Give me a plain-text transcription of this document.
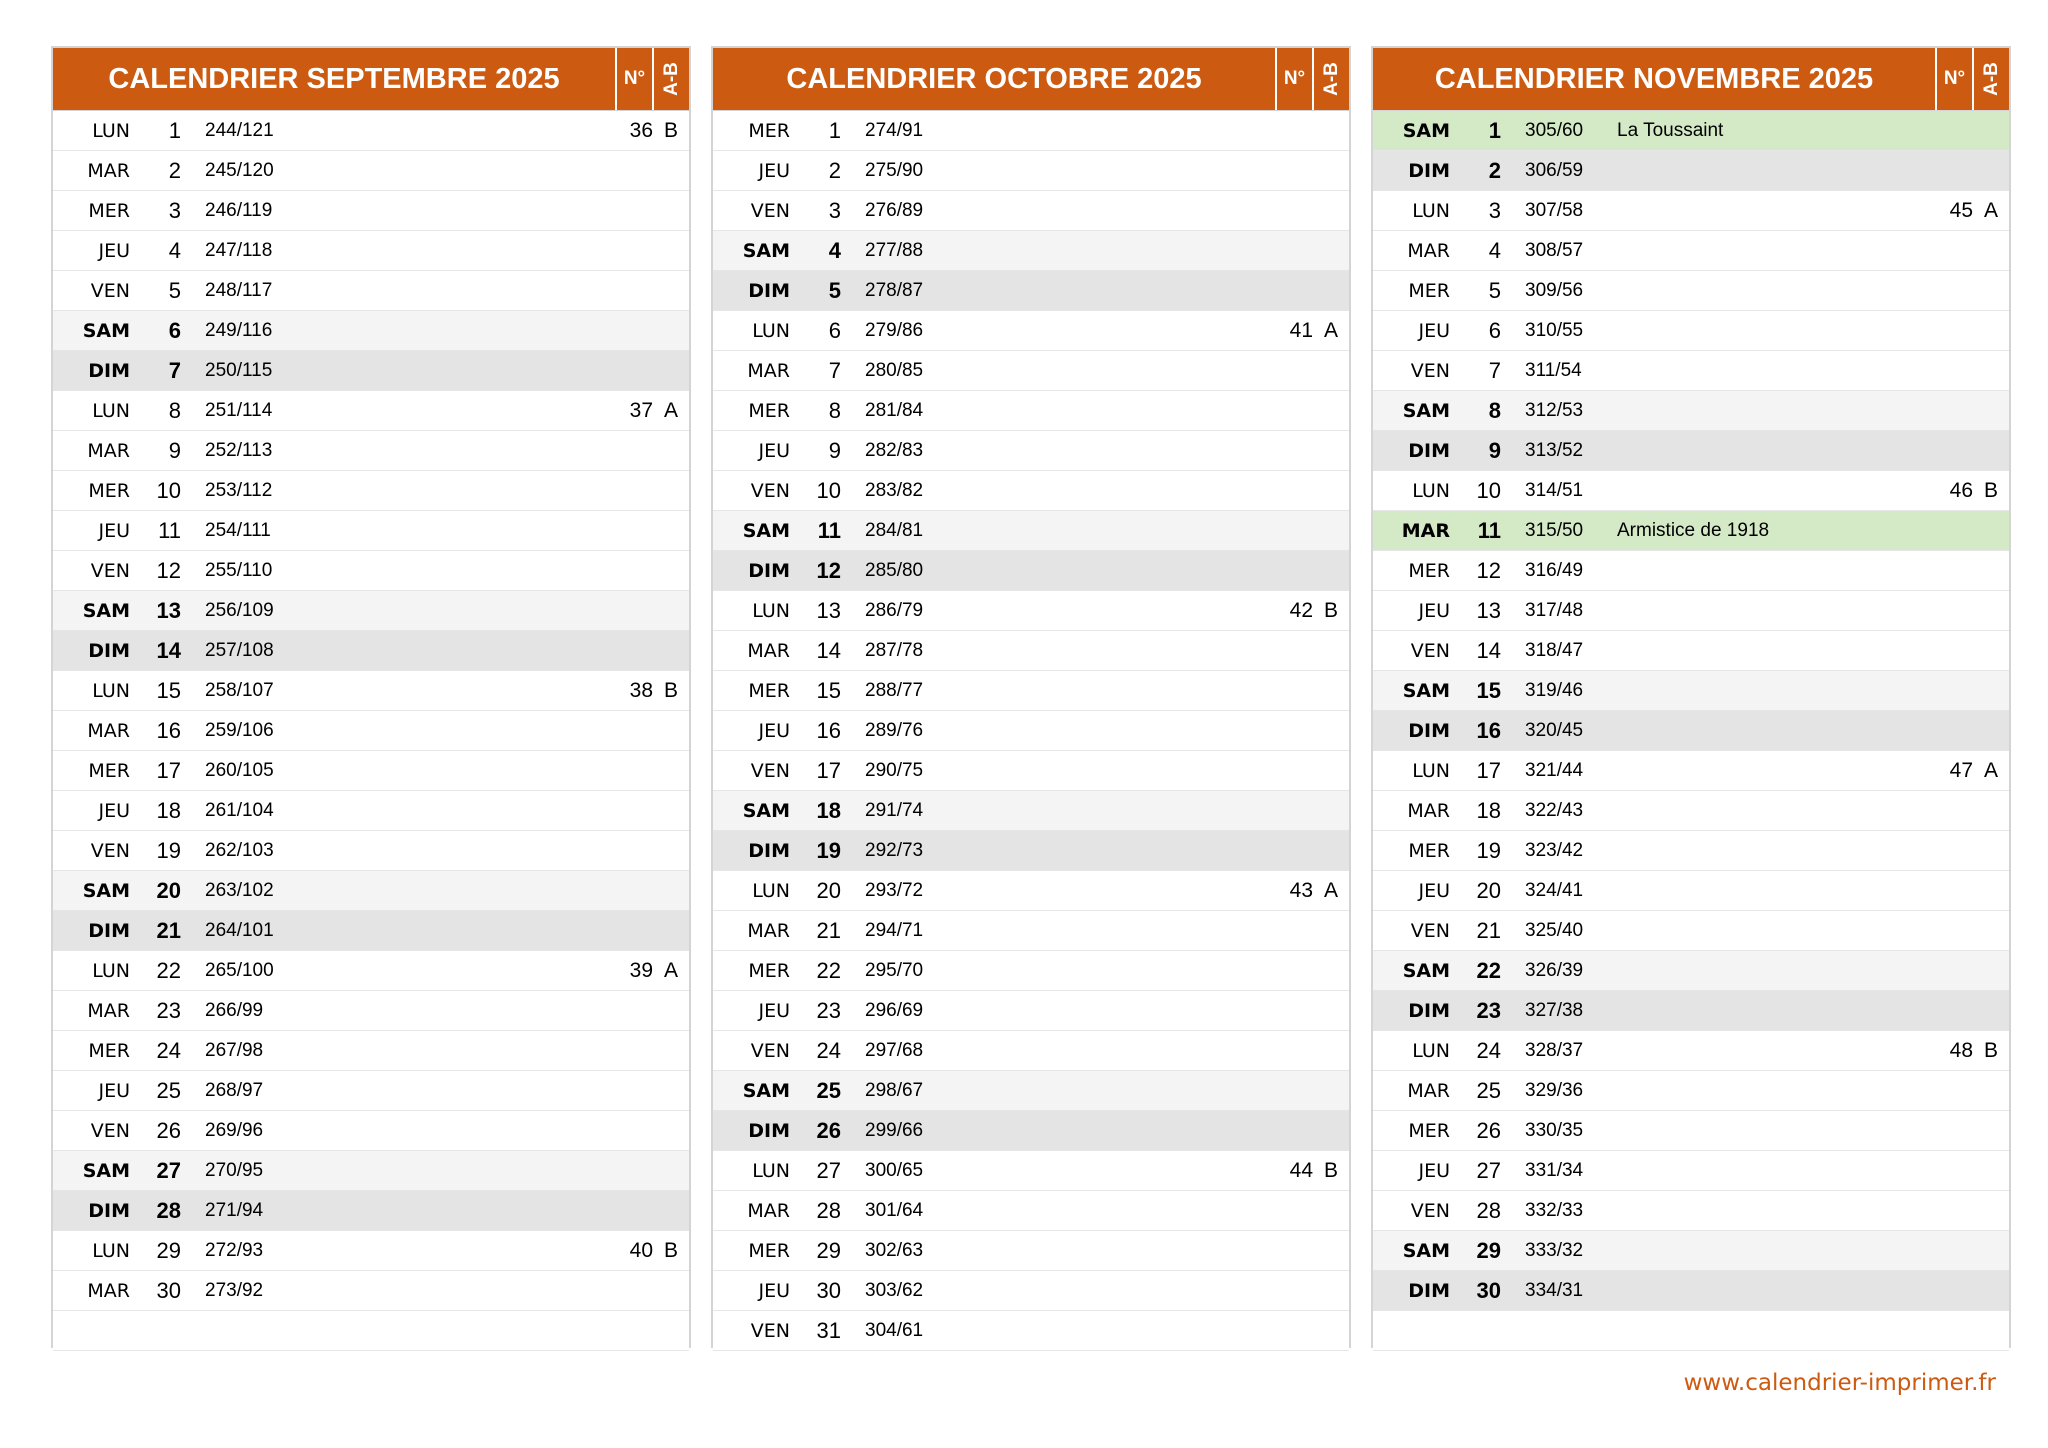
CALENDRIER SEPTEMBRE 2025	N° A-B
LUN	1	244/121	36 B
MAR	2	245/120
MER	3	246/119
JEU	4	247/118
VEN	5	248/117
SAM	6	249/116
DIM	7	250/115
LUN	8	251/114	37 A
MAR	9	252/113
MER	10	253/112
JEU	11	254/111
VEN	12	255/110
SAM	13	256/109
DIM	14	257/108
LUN	15	258/107	38 B
MAR	16	259/106
MER	17	260/105
JEU	18	261/104
VEN	19	262/103
SAM	20	263/102
DIM	21	264/101
LUN	22	265/100	39 A
MAR	23	266/99
MER	24	267/98
JEU	25	268/97
VEN	26	269/96
SAM	27	270/95
DIM	28	271/94
LUN	29	272/93	40 B
MAR	30	273/92
CALENDRIER OCTOBRE 2025	N° A-B
MER	1	274/91
JEU	2	275/90
VEN	3	276/89
SAM	4	277/88
DIM	5	278/87
LUN	6	279/86	41 A
MAR	7	280/85
MER	8	281/84
JEU	9	282/83
VEN	10	283/82
SAM	11	284/81
DIM	12	285/80
LUN	13	286/79	42 B
MAR	14	287/78
MER	15	288/77
JEU	16	289/76
VEN	17	290/75
SAM	18	291/74
DIM	19	292/73
LUN	20	293/72	43 A
MAR	21	294/71
MER	22	295/70
JEU	23	296/69
VEN	24	297/68
SAM	25	298/67
DIM	26	299/66
LUN	27	300/65	44 B
MAR	28	301/64
MER	29	302/63
JEU	30	303/62
VEN	31	304/61
CALENDRIER NOVEMBRE 2025	N° A-B
SAM	1	305/60	La Toussaint
DIM	2	306/59
LUN	3	307/58	45 A
MAR	4	308/57
MER	5	309/56
JEU	6	310/55
VEN	7	311/54
SAM	8	312/53
DIM	9	313/52
LUN	10	314/51	46 B
MAR	11	315/50	Armistice de 1918
MER	12	316/49
JEU	13	317/48
VEN	14	318/47
SAM	15	319/46
DIM	16	320/45
LUN	17	321/44	47 A
MAR	18	322/43
MER	19	323/42
JEU	20	324/41
VEN	21	325/40
SAM	22	326/39
DIM	23	327/38
LUN	24	328/37	48 B
MAR	25	329/36
MER	26	330/35
JEU	27	331/34
VEN	28	332/33
SAM	29	333/32
DIM	30	334/31
www.calendrier-imprimer.fr
